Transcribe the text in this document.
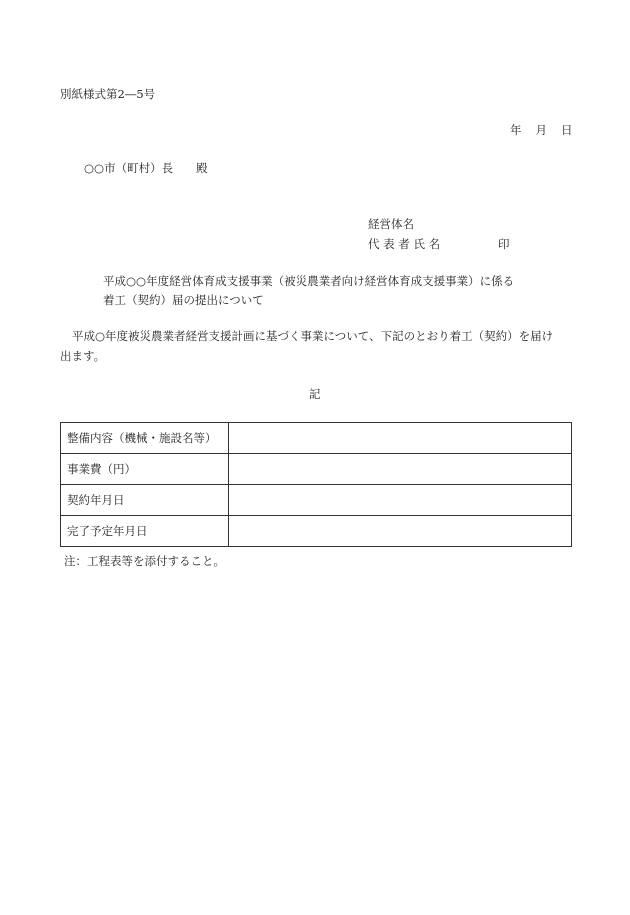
別紙様式第2―5号
年 月 日
○○市（町村）長　　殿
経営体名
代 表 者 氏 名	印
平成○○年度経営体育成支援事業（被災農業者向け経営体育成支援事業）に係る
着工（契約）届の提出について
平成○年度被災農業者経営支援計画に基づく事業について、下記のとおり着工（契約）を届け
出ます。
記
整備内容（機械・施設名等）	
事業費（円）	
契約年月日	
完了予定年月日	
注：工程表等を添付すること。
